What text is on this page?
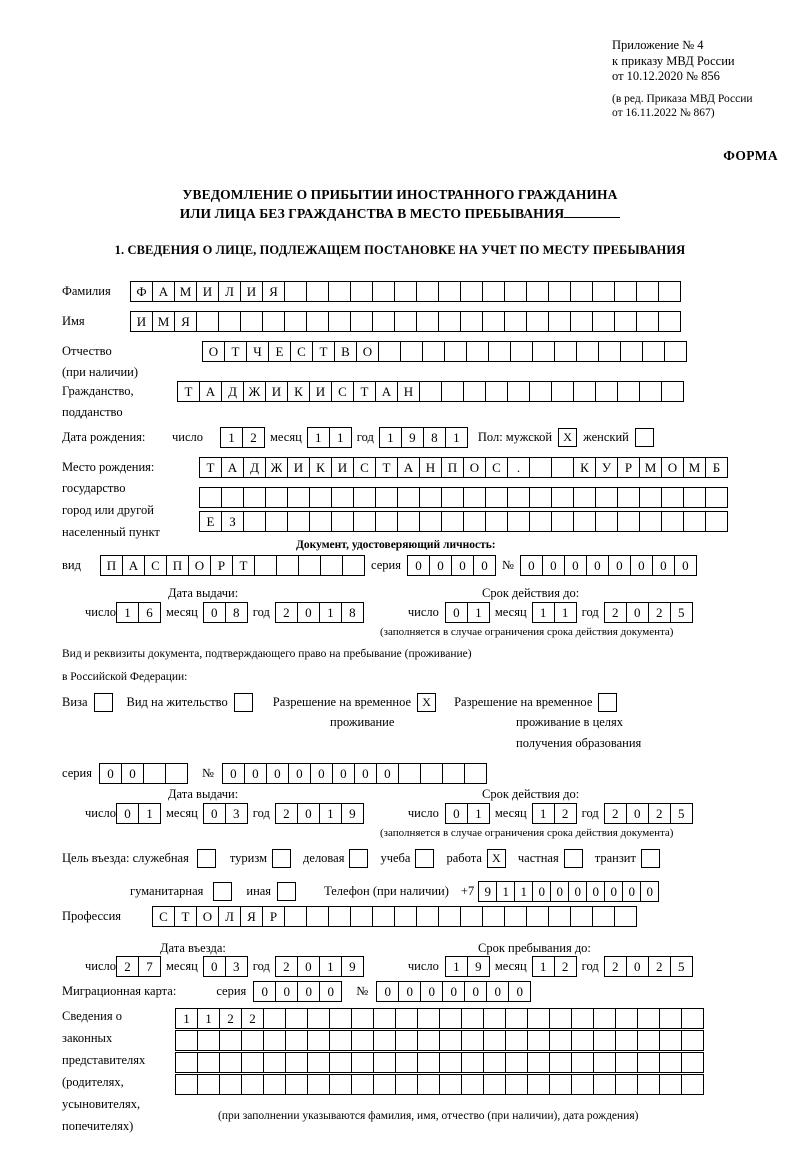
Приложение № 4
к приказу МВД России
от 10.12.2020 № 856
(в ред. Приказа МВД России
от 16.11.2022 № 867)
ФОРМА
УВЕДОМЛЕНИЕ О ПРИБЫТИИ ИНОСТРАННОГО ГРАЖДАНИНА
ИЛИ ЛИЦА БЕЗ ГРАЖДАНСТВА В МЕСТО ПРЕБЫВАНИЯ
1. СВЕДЕНИЯ О ЛИЦЕ, ПОДЛЕЖАЩЕМ ПОСТАНОВКЕ НА УЧЕТ ПО МЕСТУ ПРЕБЫВАНИЯ
Фамилия	Ф А М И Л И Я
Имя	И М Я
Отчество	О	Т	Ч	Е	С	Т	В О
(при наличии)
Гражданство,	Т	А Д Ж И К И С	Т	А Н
подданство
Дата рождения:	число	1	2	месяц	1	1	год	1	9	8	1	Пол: мужской X женский
Место рождения:	Т	А Д Ж И К И С	Т	А Н П О С	.	К	У	Р М О М Б
государство
город или другой
Е	З
населенный пункт
Документ, удостоверяющий личность:
вид	П А С П О	Р	Т	серия	0	0	0	0	№	0	0	0	0	0	0	0	0
Дата выдачи:	Срок действия до:
число 1	6	месяц	0	8	год	2	0	1	8	число	0	1	месяц	1	1	год	2	0	2	5
(заполняется в случае ограничения срока действия документа)
Вид и реквизиты документа, подтверждающего право на пребывание (проживание)
в Российской Федерации:
Виза	Вид на жительство	Разрешение на временное X	Разрешение на временное
проживание	проживание в целях
получения образования
серия	0	0	№	0	0	0	0	0	0	0	0
Дата выдачи:	Срок действия до:
число 0	1	месяц	0	3	год	2	0	1	9	число	0	1	месяц	1	2	год	2	0	2	5
(заполняется в случае ограничения срока действия документа)
Цель въезда: служебная	туризм	деловая	учеба	работа X	частная	транзит
гуманитарная	иная	Телефон (при наличии) +7 9 1 1 0 0 0 0 0 0 0
Профессия	С	Т	О Л	Я	Р
Дата въезда:	Срок пребывания до:
число 2	7	месяц	0	3	год	2	0	1	9	число	1	9	месяц	1	2	год	2	0	2	5
Миграционная карта:	серия	0	0	0	0	№	0	0	0	0	0	0	0
Сведения о
законных
представителях
(родителях,
усыновителях,
попечителях)
1	1	2	2
(при заполнении указываются фамилия, имя, отчество (при наличии), дата рождения)
